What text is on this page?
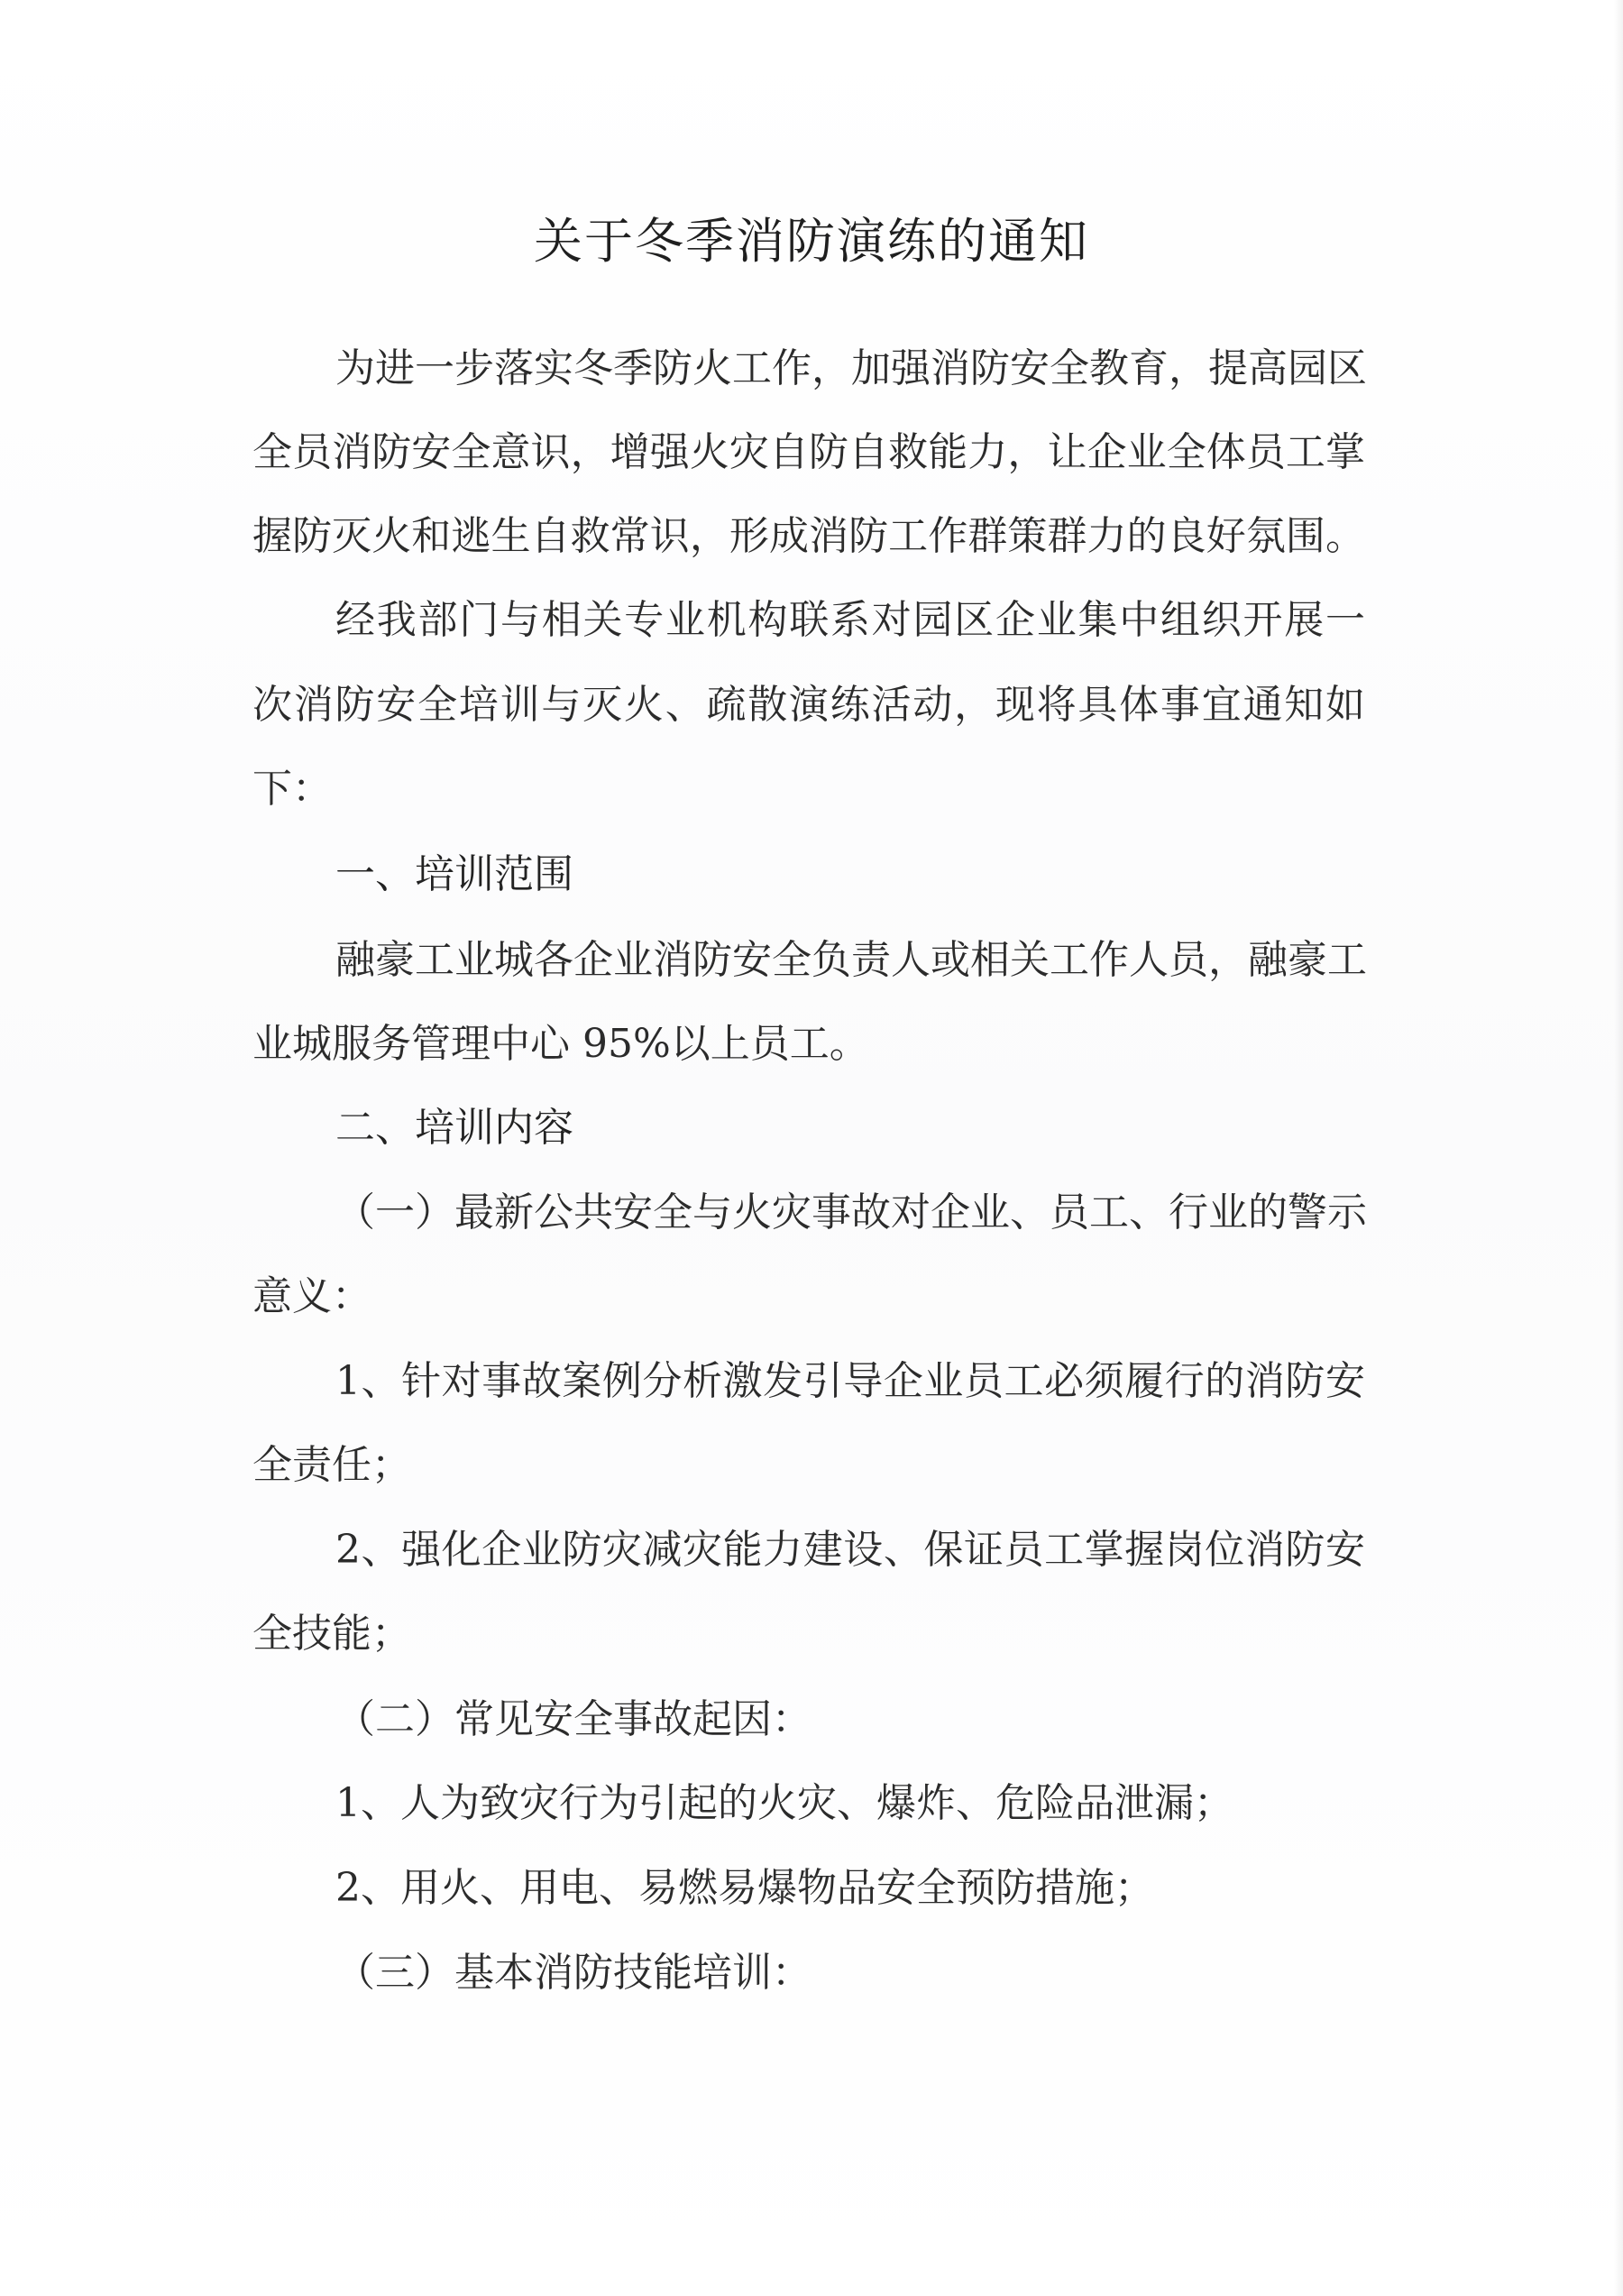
关于冬季消防演练的通知
为进一步落实冬季防火工作，加强消防安全教育，提高园区
全员消防安全意识，增强火灾自防自救能力，让企业全体员工掌
握防灭火和逃生自救常识，形成消防工作群策群力的良好氛围。
经我部门与相关专业机构联系对园区企业集中组织开展一
次消防安全培训与灭火、疏散演练活动，现将具体事宜通知如
下：
一、培训范围
融豪工业城各企业消防安全负责人或相关工作人员，融豪工
业城服务管理中心 95%以上员工。
二、培训内容
（一）最新公共安全与火灾事故对企业、员工、行业的警示
意义：
1、针对事故案例分析激发引导企业员工必须履行的消防安
全责任；
2、强化企业防灾减灾能力建设、保证员工掌握岗位消防安
全技能；
（二）常见安全事故起因：
1、人为致灾行为引起的火灾、爆炸、危险品泄漏；
2、用火、用电、易燃易爆物品安全预防措施；
（三）基本消防技能培训：
